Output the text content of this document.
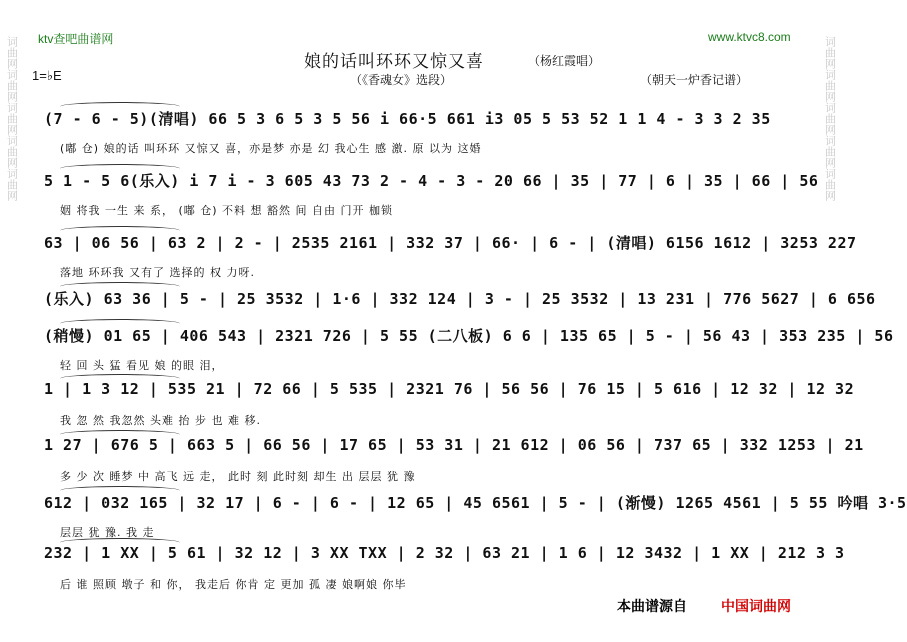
词曲网词曲网词曲网词曲网词曲网	词曲网词曲网词曲网词曲网词曲网
ktv查吧曲谱网	www.ktvc8.com
娘的话叫环环又惊又喜	（杨红霞唱）
（《香魂女》选段）
1=♭E	（朝天一炉香记谱）
(7 - 6 - 5)(清唱) 66 5 3 6 5 3 5 56 i 66·5 661 i3 05 5 53 52 1 1 4 - 3 3 2 35
(嘟 仓) 娘的话 叫环环 又惊又 喜，亦是梦 亦是 幻 我心生 感 激. 原 以为 这婚
5 1 - 5 6(乐入) i 7 i - 3 605 43 73 2 - 4 - 3 - 20 66 | 35 | 77 | 6 | 35 | 66 | 56
姻 将我 一生 来 系， (嘟 仓) 不料 想 豁然 间 自由 门开 枷锁
63 | 06 56 | 63 2 | 2 - | 2535 2161 | 332 37 | 66· | 6 - | (清唱) 6156 1612 | 3253 227
落地 环环我 又有了 选择的 权 力呀.
(乐入) 63 36 | 5 - | 25 3532 | 1·6 | 332 124 | 3 - | 25 3532 | 13 231 | 776 5627 | 6 656
(稍慢) 01 65 | 406 543 | 2321 726 | 5 55 (二八板) 6 6 | 135 65 | 5 - | 56 43 | 353 235 | 56
轻 回 头 猛 看见 娘 的眼 泪，
1 | 1 3 12 | 535 21 | 72 66 | 5 535 | 2321 76 | 56 56 | 76 15 | 5 616 | 12 32 | 12 32
我 忽 然 我忽然 头难 抬 步 也 难 移.
1 27 | 676 5 | 663 5 | 66 56 | 17 65 | 53 31 | 21 612 | 06 56 | 737 65 | 332 1253 | 21
多 少 次 睡梦 中 高飞 远 走， 此时 刻 此时刻 却生 出 层层 犹 豫
612 | 032 165 | 32 17 | 6 - | 6 - | 12 65 | 45 6561 | 5 - | (渐慢) 1265 4561 | 5 55 吟唱 3·5
层层 犹 豫. 我 走
232 | 1 XX | 5 61 | 32 12 | 3 XX TXX | 2 32 | 63 21 | 1 6 | 12 3432 | 1 XX | 212 3 3
后 谁 照顾 墩子 和 你， 我走后 你肯 定 更加 孤 凄 娘啊娘 你毕
本曲谱源自 中国词曲网
